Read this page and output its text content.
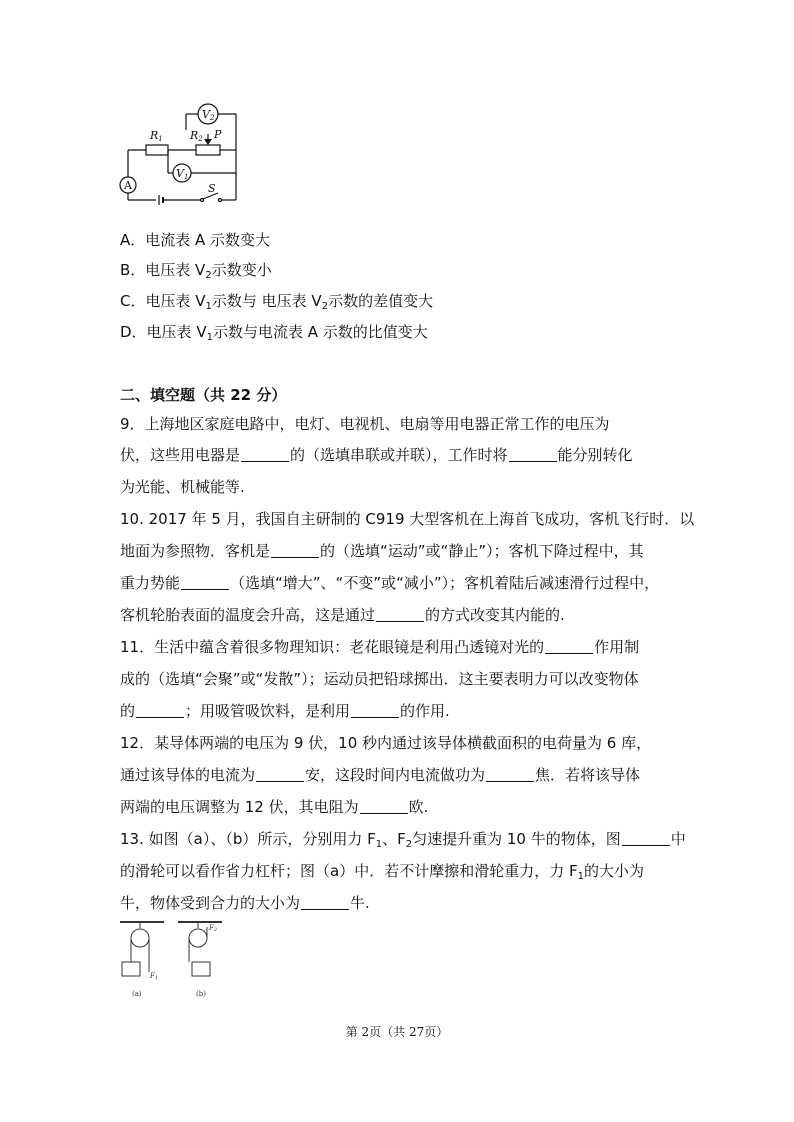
V2
R1 R2 P
V1
A	S
A．电流表 A 示数变大
B．电压表 $V_2$示数变小
C．电压表 $V_1$示数与 电压表 $V_2$示数的差值变大
D．电压表 $V_1$示数与电流表 A 示数的比值变大
二、填空题（共 22 分）
9．上海地区家庭电路中，电灯、电视机、电扇等用电器正常工作的电压为
伏，这些用电器是	的（选填串联或并联），工作时将	能分别转化
为光能、机械能等.
10. 2017 年 5 月，我国自主研制的 C919 大型客机在上海首飞成功，客机飞行时．以
地面为参照物．客机是	的（选填“运动”或“静止”）；客机下降过程中，其
重力势能	（选填“增大”、“不变”或“减小”）；客机着陆后减速滑行过程中，
客机轮胎表面的温度会升高，这是通过	的方式改变其内能的.
11．生活中蕴含着很多物理知识：老花眼镜是利用凸透镜对光的	作用制
成的（选填“会聚”或“发散”）；运动员把铅球掷出．这主要表明力可以改变物体
的	；用吸管吸饮料，是利用	的作用.
12．某导体两端的电压为 9 伏，10 秒内通过该导体横截面积的电荷量为 6 库，
通过该导体的电流为	安，这段时间内电流做功为	焦．若将该导体
两端的电压调整为 12 伏，其电阻为	欧.
13. 如图（a）、（b）所示，分别用力 $F_1$、$F_2$匀速提升重为 10 牛的物体，图	中
的滑轮可以看作省力杠杆；图（a）中．若不计摩擦和滑轮重力，力 $F_1$的大小为
牛，物体受到合力的大小为	牛.
F1
F2
(a)	(b)
第 2页（共 27页）
